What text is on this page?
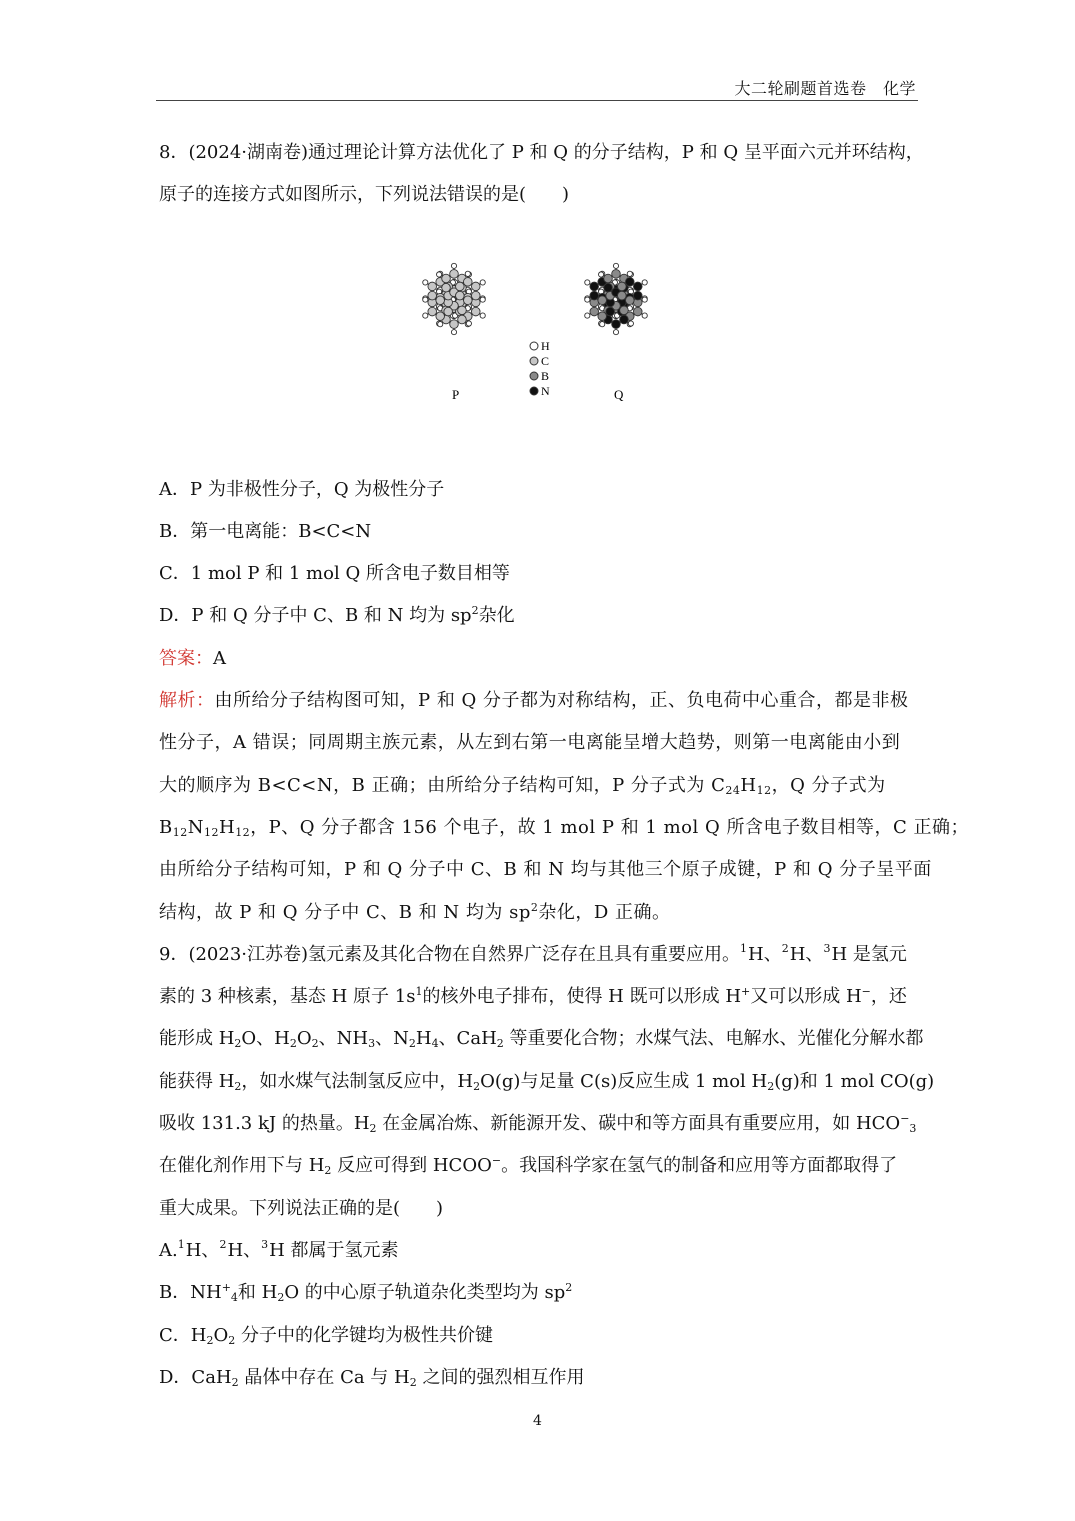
大二轮刷题首选卷　化学
8．(2024·湖南卷)通过理论计算方法优化了 P 和 Q 的分子结构，P 和 Q 呈平面六元并环结构，
原子的连接方式如图所示，下列说法错误的是(　　)
H
C
B
N
P	Q
A．P 为非极性分子，Q 为极性分子
B．第一电离能：B<C<N
C．1 mol P 和 1 mol Q 所含电子数目相等
D．P 和 Q 分子中 C、B 和 N 均为 $sp^2$杂化
答案：A
解析：由所给分子结构图可知，P 和 Q 分子都为对称结构，正、负电荷中心重合，都是非极
性分子，A 错误；同周期主族元素，从左到右第一电离能呈增大趋势，则第一电离能由小到
大的顺序为 B<C<N，B 正确；由所给分子结构可知，P 分子式为 $C_{24}H_{12}$，Q 分子式为
$B_{12}N_{12}H_{12}$，P、Q 分子都含 156 个电子，故 1 mol P 和 1 mol Q 所含电子数目相等，C 正确；
由所给分子结构可知，P 和 Q 分子中 C、B 和 N 均与其他三个原子成键，P 和 Q 分子呈平面
结构，故 P 和 Q 分子中 C、B 和 N 均为 $sp^2$杂化，D 正确。
9．(2023·江苏卷)氢元素及其化合物在自然界广泛存在且具有重要应用。$^1$H、$^2$H、$^3$H 是氢元
素的 3 种核素，基态 H 原子 $1s^1$的核外电子排布，使得 H 既可以形成 H+又可以形成 H−，还
能形成 $H_2O$、$H_2O_2$、$NH_3$、$N_2H_4$、CaH$_2$ 等重要化合物；水煤气法、电解水、光催化分解水都
能获得 $H_2$，如水煤气法制氢反应中，$H_2O(g)$与足量 C(s)反应生成 1 mol $H_2(g)$和 1 mol CO(g)
吸收 131.3 kJ 的热量。$H_2$ 在金属冶炼、新能源开发、碳中和等方面具有重要应用，如 $HCO^-_3$
在催化剂作用下与 $H_2$ 反应可得到 HCOO−。我国科学家在氢气的制备和应用等方面都取得了
重大成果。下列说法正确的是(　　)
A.$^1$H、$^2$H、$^3$H 都属于氢元素
B．$NH^+_4$和 $H_2O$ 的中心原子轨道杂化类型均为 $sp^2$
C．$H_2O_2$ 分子中的化学键均为极性共价键
D．CaH$_2$ 晶体中存在 Ca 与 $H_2$ 之间的强烈相互作用
4
